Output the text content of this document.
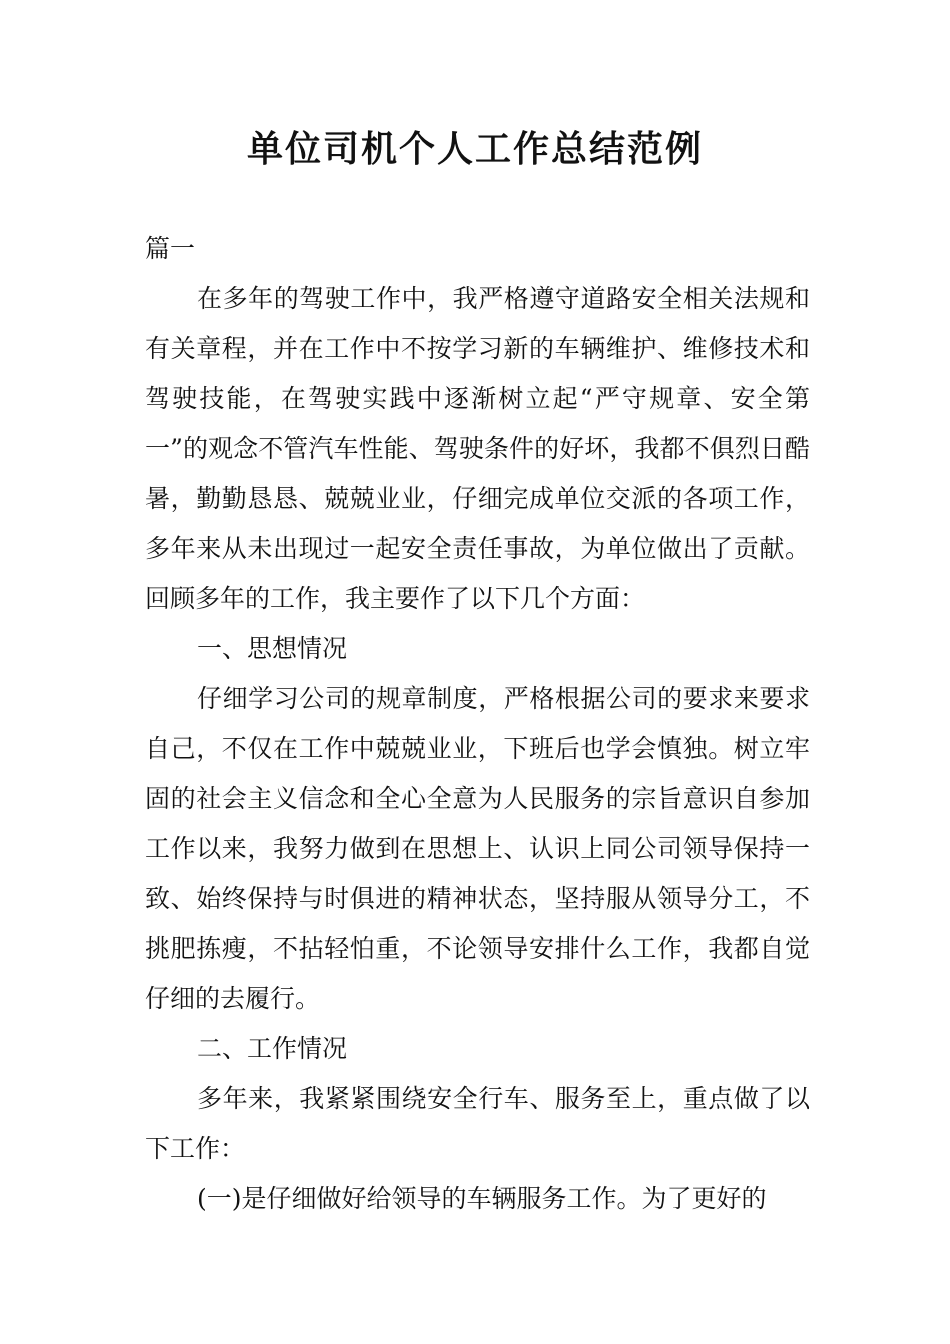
单位司机个人工作总结范例

篇一

在多年的驾驶工作中，我严格遵守道路安全相关法规和有关章程，并在工作中不按学习新的车辆维护、维修技术和驾驶技能，在驾驶实践中逐渐树立起“严守规章、安全第一”的观念不管汽车性能、驾驶条件的好坏，我都不俱烈日酷暑，勤勤恳恳、兢兢业业，仔细完成单位交派的各项工作，多年来从未出现过一起安全责任事故，为单位做出了贡献。回顾多年的工作，我主要作了以下几个方面：

一、思想情况

仔细学习公司的规章制度，严格根据公司的要求来要求自己，不仅在工作中兢兢业业，下班后也学会慎独。树立牢固的社会主义信念和全心全意为人民服务的宗旨意识自参加工作以来，我努力做到在思想上、认识上同公司领导保持一致、始终保持与时俱进的精神状态，坚持服从领导分工，不挑肥拣瘦，不拈轻怕重，不论领导安排什么工作，我都自觉仔细的去履行。

二、工作情况

多年来，我紧紧围绕安全行车、服务至上，重点做了以下工作：

(一)是仔细做好给领导的车辆服务工作。为了更好的
